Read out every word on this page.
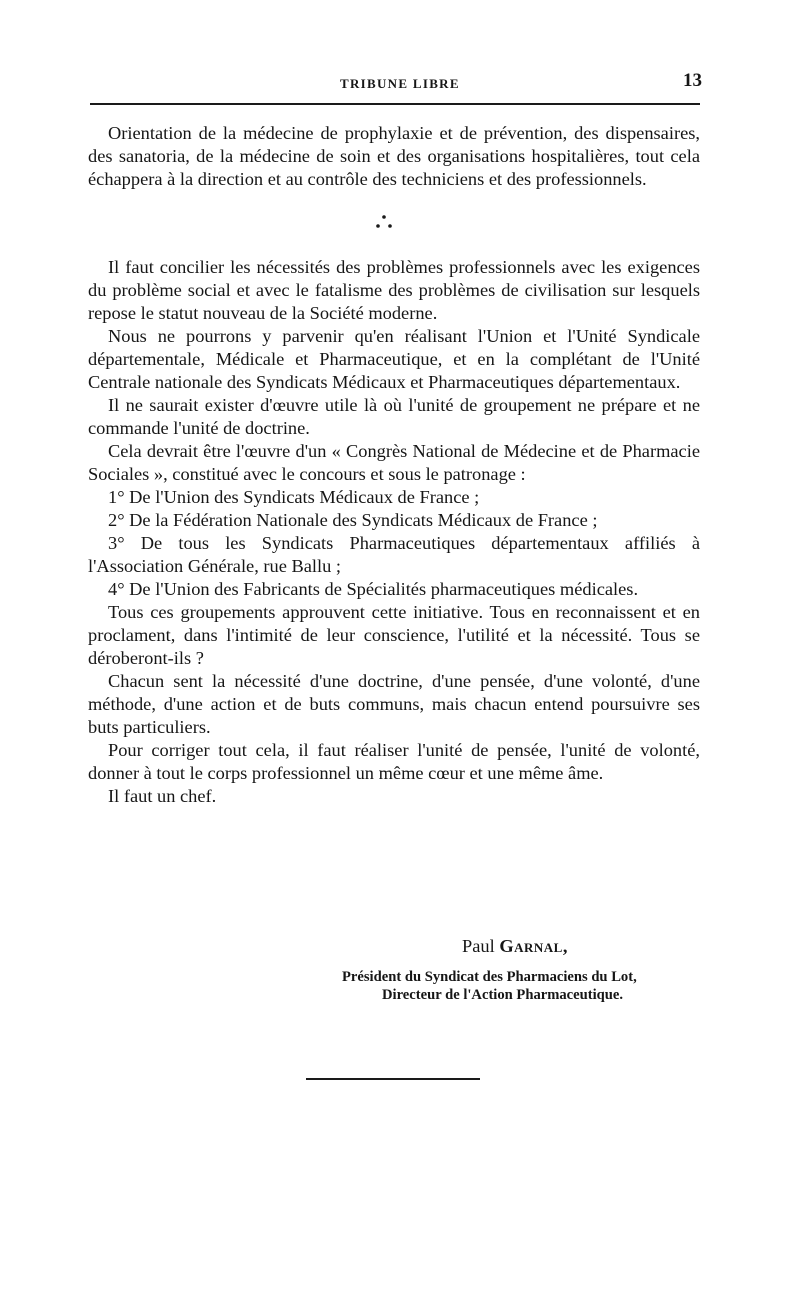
TRIBUNE LIBRE	13

Orientation de la médecine de prophylaxie et de prévention, des dispensaires, des sanatoria, de la médecine de soin et des organisations hospitalières, tout cela échappera à la direction et au contrôle des techniciens et des professionnels.

Il faut concilier les nécessités des problèmes professionnels avec les exigences du problème social et avec le fatalisme des problèmes de civilisation sur lesquels repose le statut nouveau de la Société moderne.

Nous ne pourrons y parvenir qu'en réalisant l'Union et l'Unité Syndicale départementale, Médicale et Pharmaceutique, et en la complétant de l'Unité Centrale nationale des Syndicats Médicaux et Pharmaceutiques départementaux.

Il ne saurait exister d'œuvre utile là où l'unité de groupement ne prépare et ne commande l'unité de doctrine.

Cela devrait être l'œuvre d'un « Congrès National de Médecine et de Pharmacie Sociales », constitué avec le concours et sous le patronage :

1° De l'Union des Syndicats Médicaux de France ;

2° De la Fédération Nationale des Syndicats Médicaux de France ;

3° De tous les Syndicats Pharmaceutiques départementaux affiliés à l'Association Générale, rue Ballu ;

4° De l'Union des Fabricants de Spécialités pharmaceutiques médicales.

Tous ces groupements approuvent cette initiative. Tous en reconnaissent et en proclament, dans l'intimité de leur conscience, l'utilité et la nécessité. Tous se déroberont-ils ?

Chacun sent la nécessité d'une doctrine, d'une pensée, d'une volonté, d'une méthode, d'une action et de buts communs, mais chacun entend poursuivre ses buts particuliers.

Pour corriger tout cela, il faut réaliser l'unité de pensée, l'unité de volonté, donner à tout le corps professionnel un même cœur et une même âme.

Il faut un chef.

Paul Garnal,
Président du Syndicat des Pharmaciens du Lot,
Directeur de l'Action Pharmaceutique.
